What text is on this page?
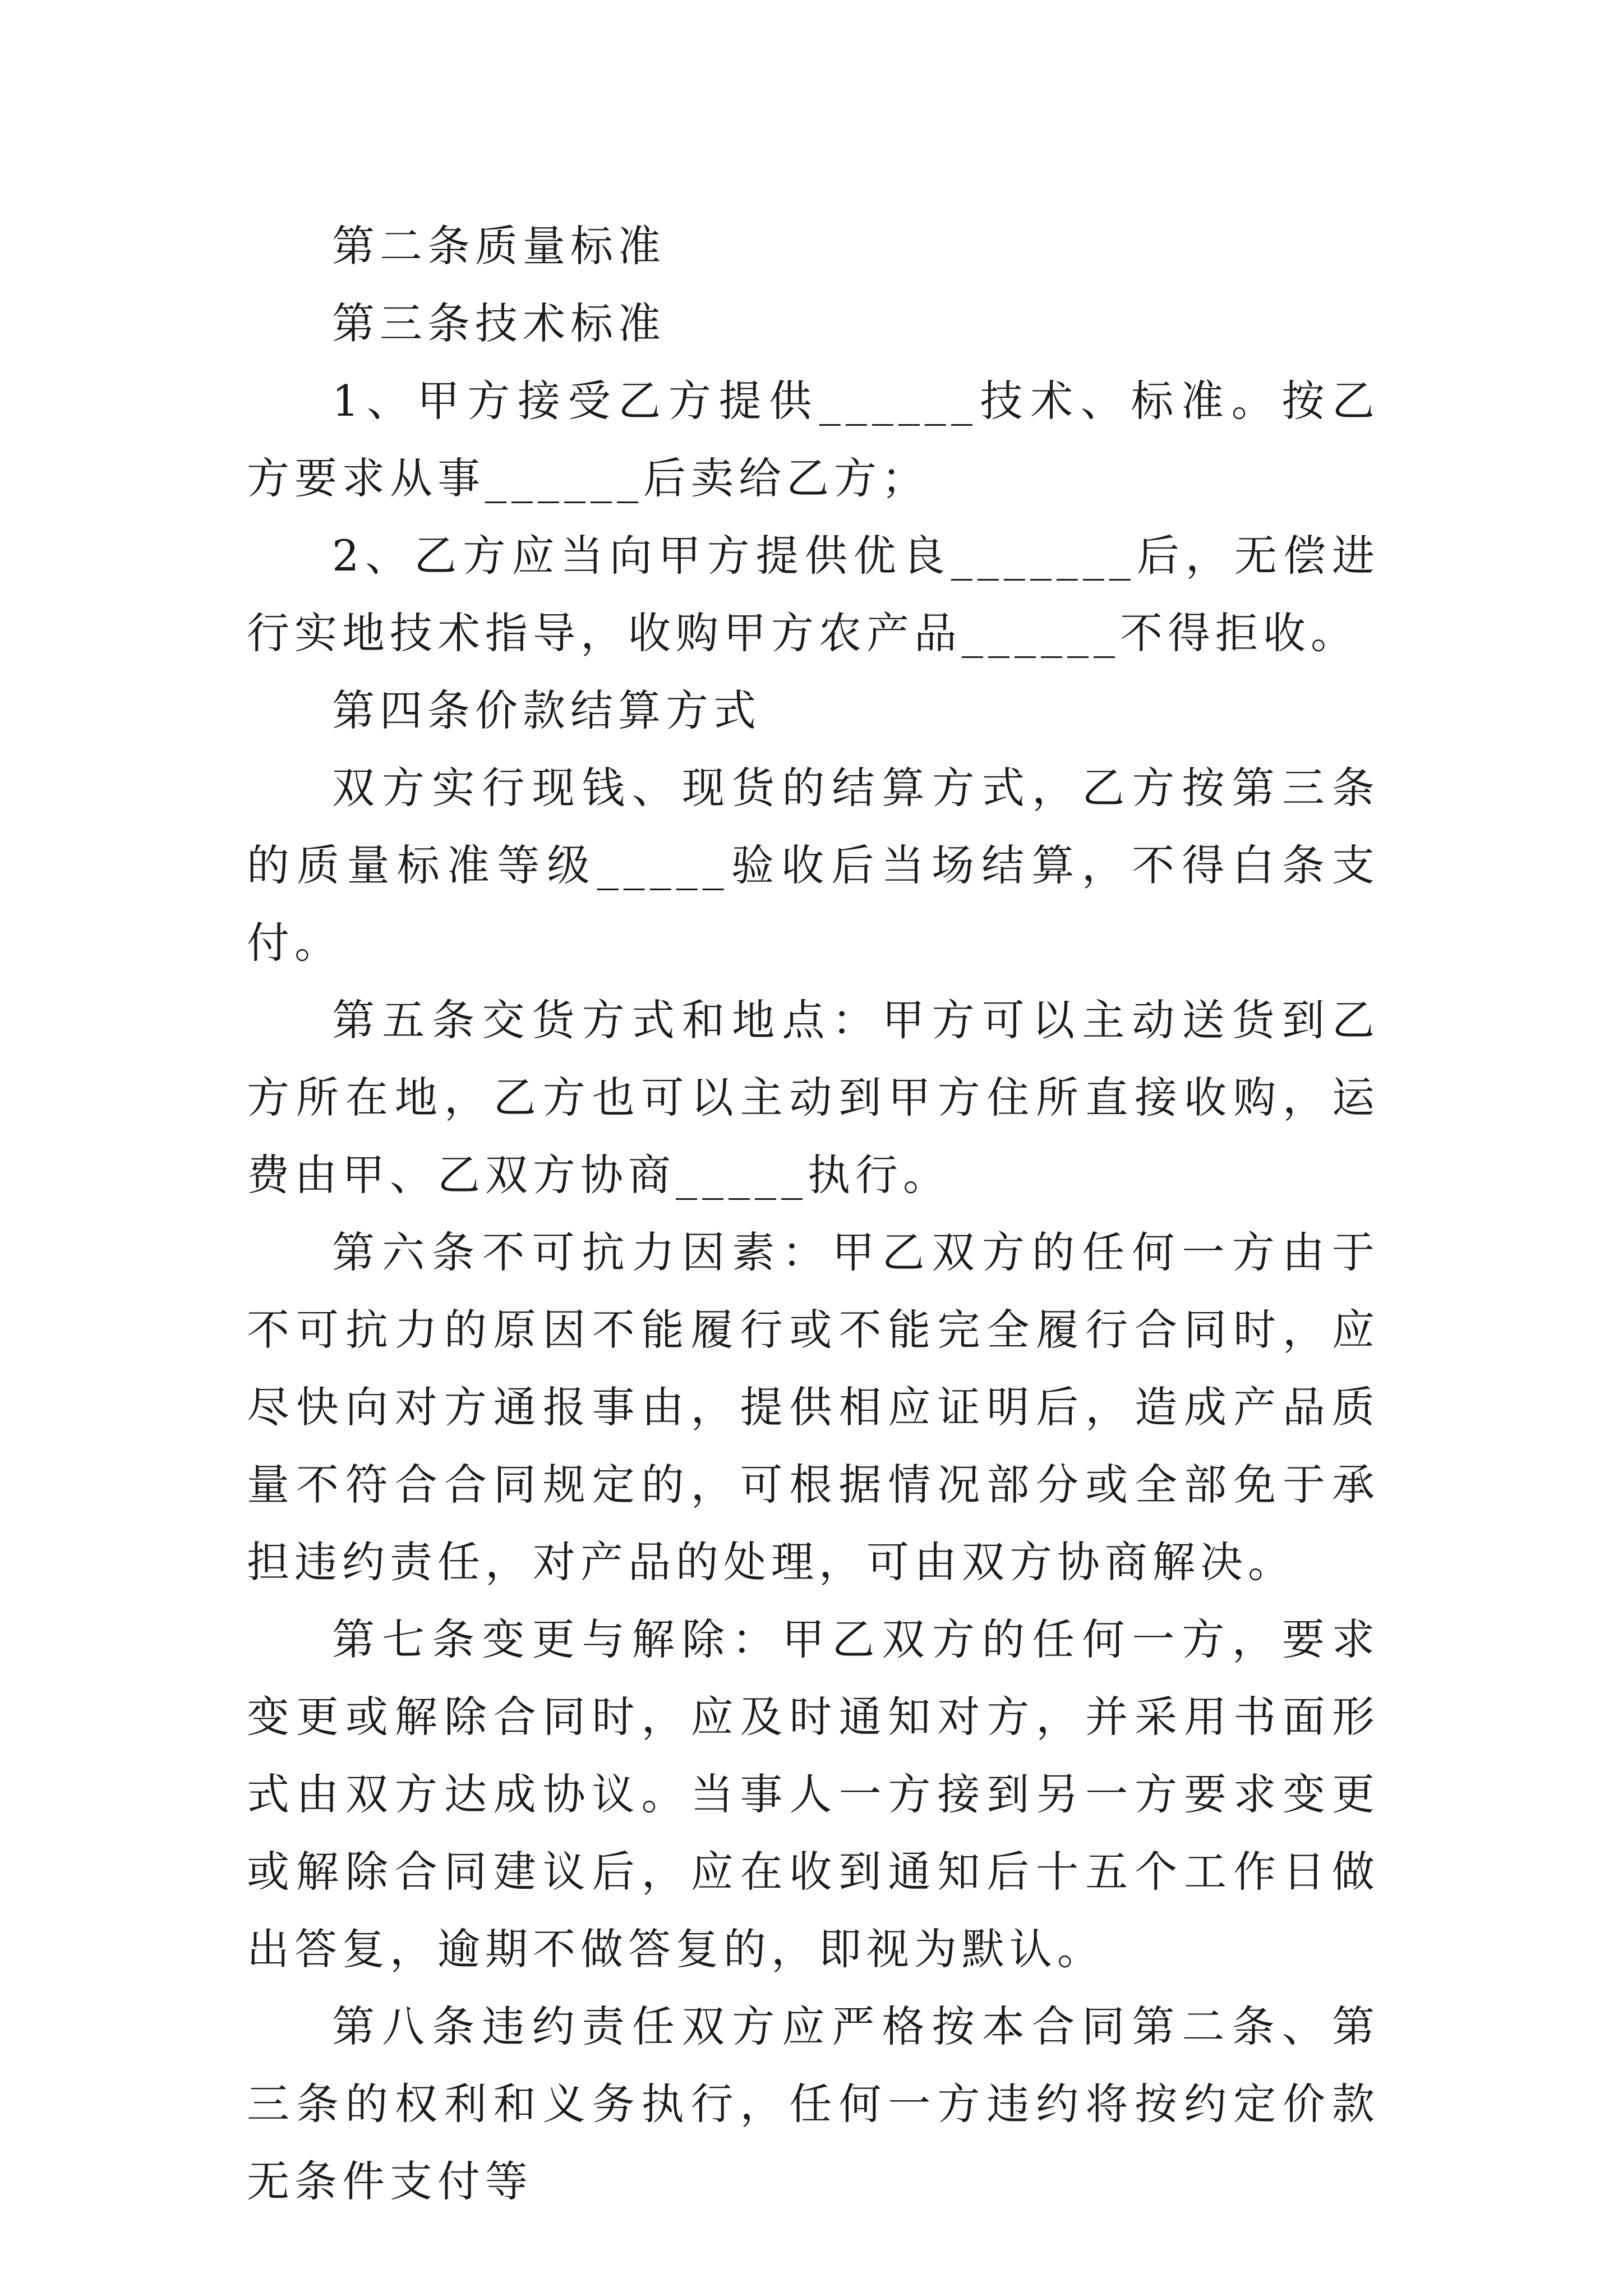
第二条质量标准

第三条技术标准

1、甲方接受乙方提供______技术、标准。按乙方要求从事______后卖给乙方；

2、乙方应当向甲方提供优良_______后，无偿进行实地技术指导，收购甲方农产品______不得拒收。

第四条价款结算方式

双方实行现钱、现货的结算方式，乙方按第三条的质量标准等级_____验收后当场结算，不得白条支付。

第五条交货方式和地点：甲方可以主动送货到乙方所在地，乙方也可以主动到甲方住所直接收购，运费由甲、乙双方协商_____执行。

第六条不可抗力因素：甲乙双方的任何一方由于不可抗力的原因不能履行或不能完全履行合同时，应尽快向对方通报事由，提供相应证明后，造成产品质量不符合合同规定的，可根据情况部分或全部免于承担违约责任，对产品的处理，可由双方协商解决。

第七条变更与解除：甲乙双方的任何一方，要求变更或解除合同时，应及时通知对方，并采用书面形式由双方达成协议。当事人一方接到另一方要求变更或解除合同建议后，应在收到通知后十五个工作日做出答复，逾期不做答复的，即视为默认。

第八条违约责任双方应严格按本合同第二条、第三条的权利和义务执行，任何一方违约将按约定价款无条件支付等
